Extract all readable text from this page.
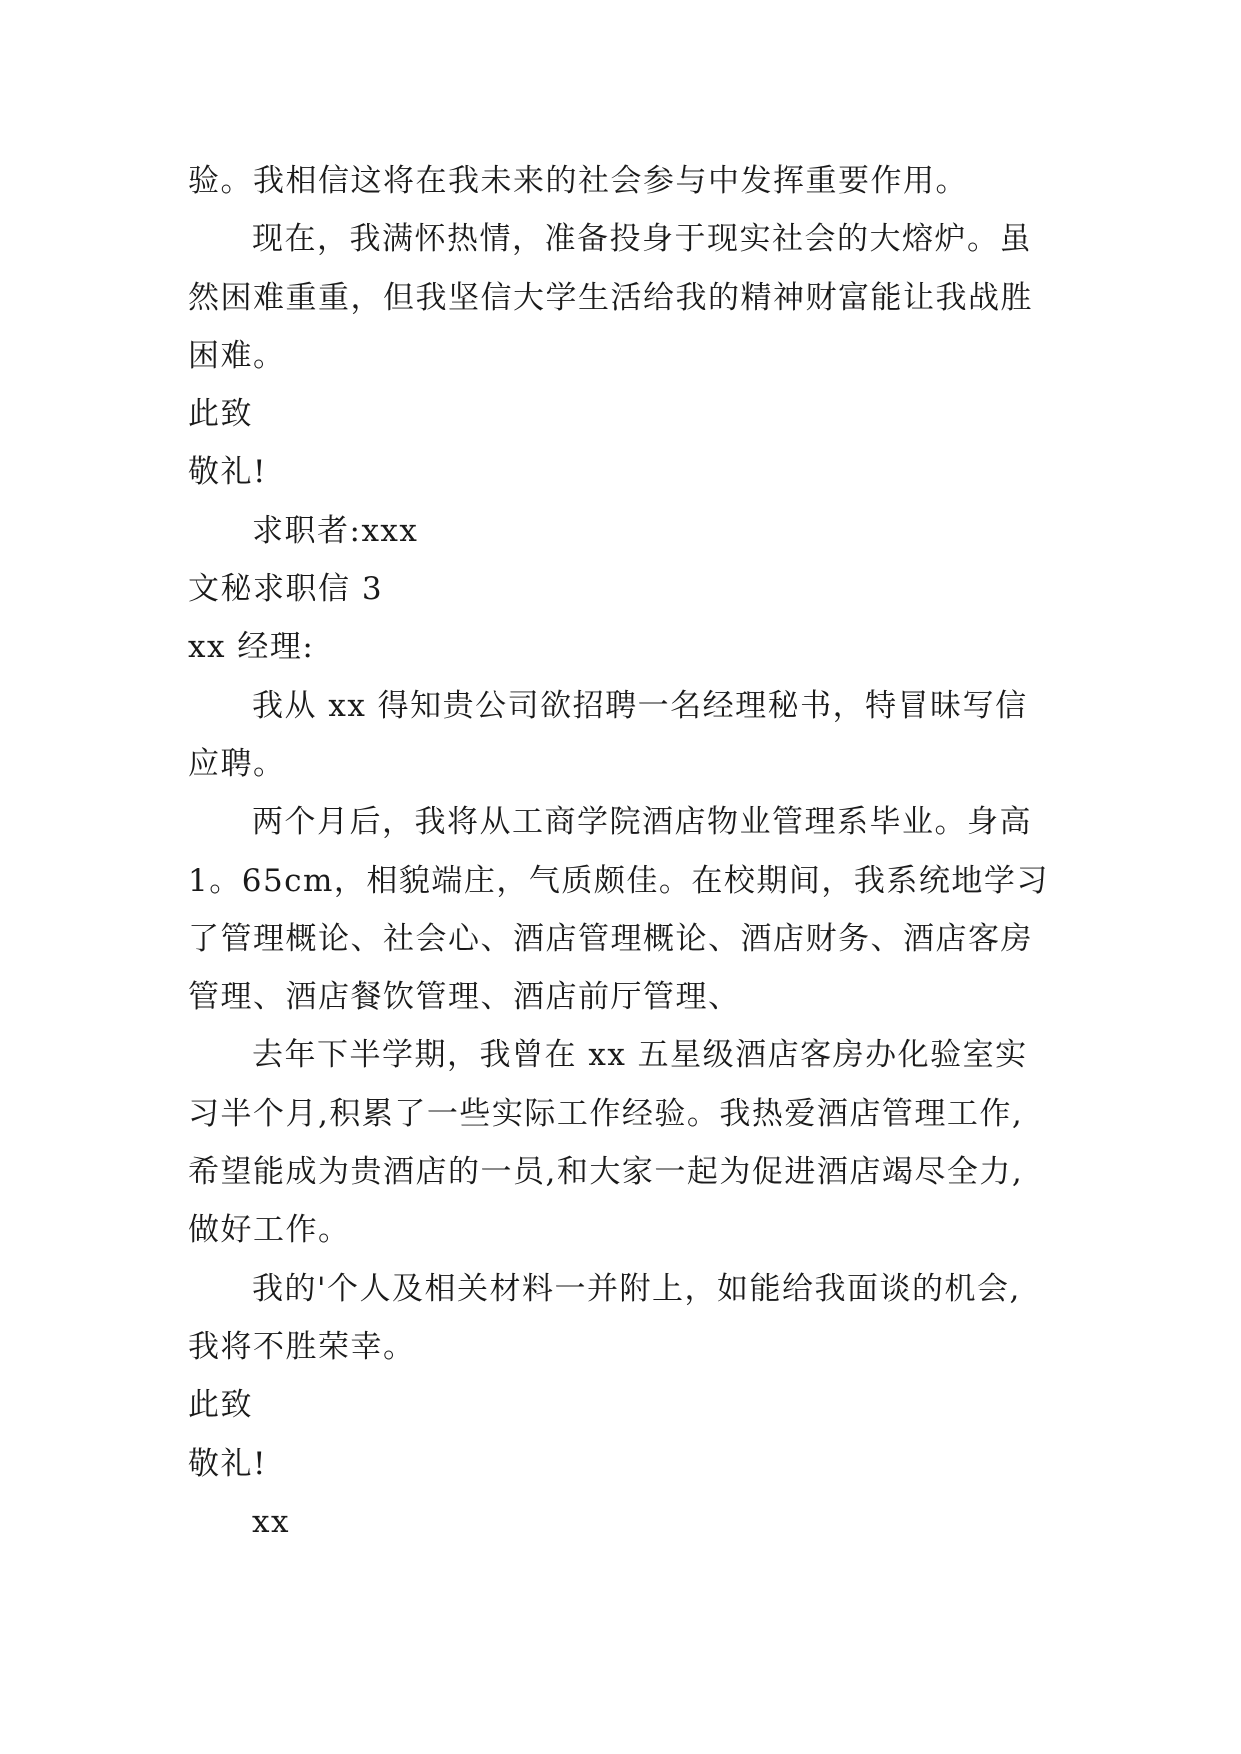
验。我相信这将在我未来的社会参与中发挥重要作用。
现在，我满怀热情，准备投身于现实社会的大熔炉。虽
然困难重重，但我坚信大学生活给我的精神财富能让我战胜
困难。
此致
敬礼!
求职者:xxx
文秘求职信 3
xx 经理:
我从 xx 得知贵公司欲招聘一名经理秘书，特冒昧写信
应聘。
两个月后，我将从工商学院酒店物业管理系毕业。身高
1。65cm，相貌端庄，气质颇佳。在校期间，我系统地学习
了管理概论、社会心、酒店管理概论、酒店财务、酒店客房
管理、酒店餐饮管理、酒店前厅管理、
去年下半学期，我曾在 xx 五星级酒店客房办化验室实
习半个月,积累了一些实际工作经验。我热爱酒店管理工作,
希望能成为贵酒店的一员,和大家一起为促进酒店竭尽全力,
做好工作。
我的'个人及相关材料一并附上，如能给我面谈的机会,
我将不胜荣幸。
此致
敬礼!
xx
